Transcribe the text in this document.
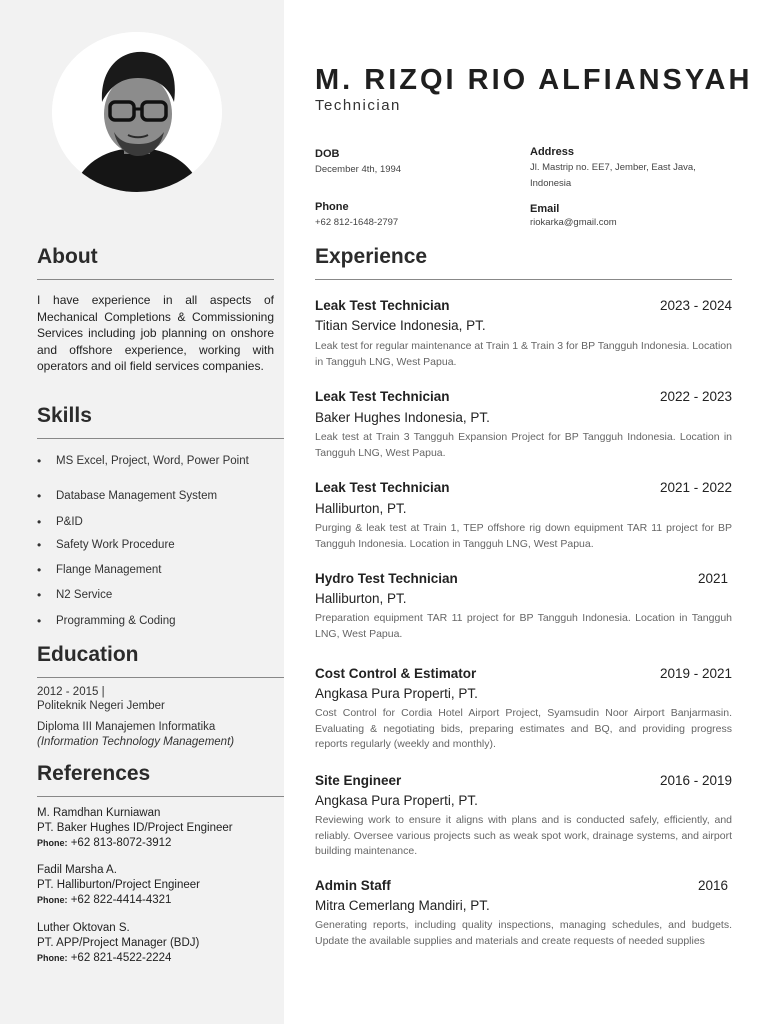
About

I have experience in all aspects of Mechanical Completions & Commissioning Services including job planning on onshore and offshore experience, working with operators and oil field services companies.

Skills
• MS Excel, Project, Word, Power Point
• Database Management System
• P&ID
• Safety Work Procedure
• Flange Management
• N2 Service
• Programming & Coding
Education

2012 - 2015 |

Politeknik Negeri Jember

Diploma III Manajemen Informatika

(Information Technology Management)

References
M. Ramdhan Kurniawan
PT. Baker Hughes ID/Project Engineer
Phone: +62 813-8072-3912
Fadil Marsha A.
PT. Halliburton/Project Engineer
Phone: +62 822-4414-4321
Luther Oktovan S.
PT. APP/Project Manager (BDJ)
Phone: +62 821-4522-2224
M. RIZQI RIO ALFIANSYAH

Technician

DOB
December 4th, 1994
Address
Jl. Mastrip no. EE7, Jember, East Java,
Indonesia
Phone
+62 812-1648-2797
Email
riokarka@gmail.com
Experience
Leak Test Technician	2023 - 2024
Titian Service Indonesia, PT.

Leak test for regular maintenance at Train 1 & Train 3 for BP Tangguh Indonesia. Location in Tangguh LNG, West Papua.

Leak Test Technician	2022 - 2023
Baker Hughes Indonesia, PT.

Leak test at Train 3 Tangguh Expansion Project for BP Tangguh Indonesia. Location in Tangguh LNG, West Papua.

Leak Test Technician	2021 - 2022
Halliburton, PT.

Purging & leak test at Train 1, TEP offshore rig down equipment TAR 11 project for BP Tangguh Indonesia. Location in Tangguh LNG, West Papua.

Hydro Test Technician	2021
Halliburton, PT.

Preparation equipment TAR 11 project for BP Tangguh Indonesia. Location in Tangguh LNG, West Papua.

Cost Control & Estimator	2019 - 2021
Angkasa Pura Properti, PT.

Cost Control for Cordia Hotel Airport Project, Syamsudin Noor Airport Banjarmasin. Evaluating & negotiating bids, preparing estimates and BQ, and providing progress reports regularly (weekly and monthly).

Site Engineer	2016 - 2019
Angkasa Pura Properti, PT.

Reviewing work to ensure it aligns with plans and is conducted safely, efficiently, and reliably. Oversee various projects such as weak spot work, drainage systems, and airport building maintenance.

Admin Staff	2016
Mitra Cemerlang Mandiri, PT.

Generating reports, including quality inspections, managing schedules, and budgets. Update the available supplies and materials and create requests of needed supplies
